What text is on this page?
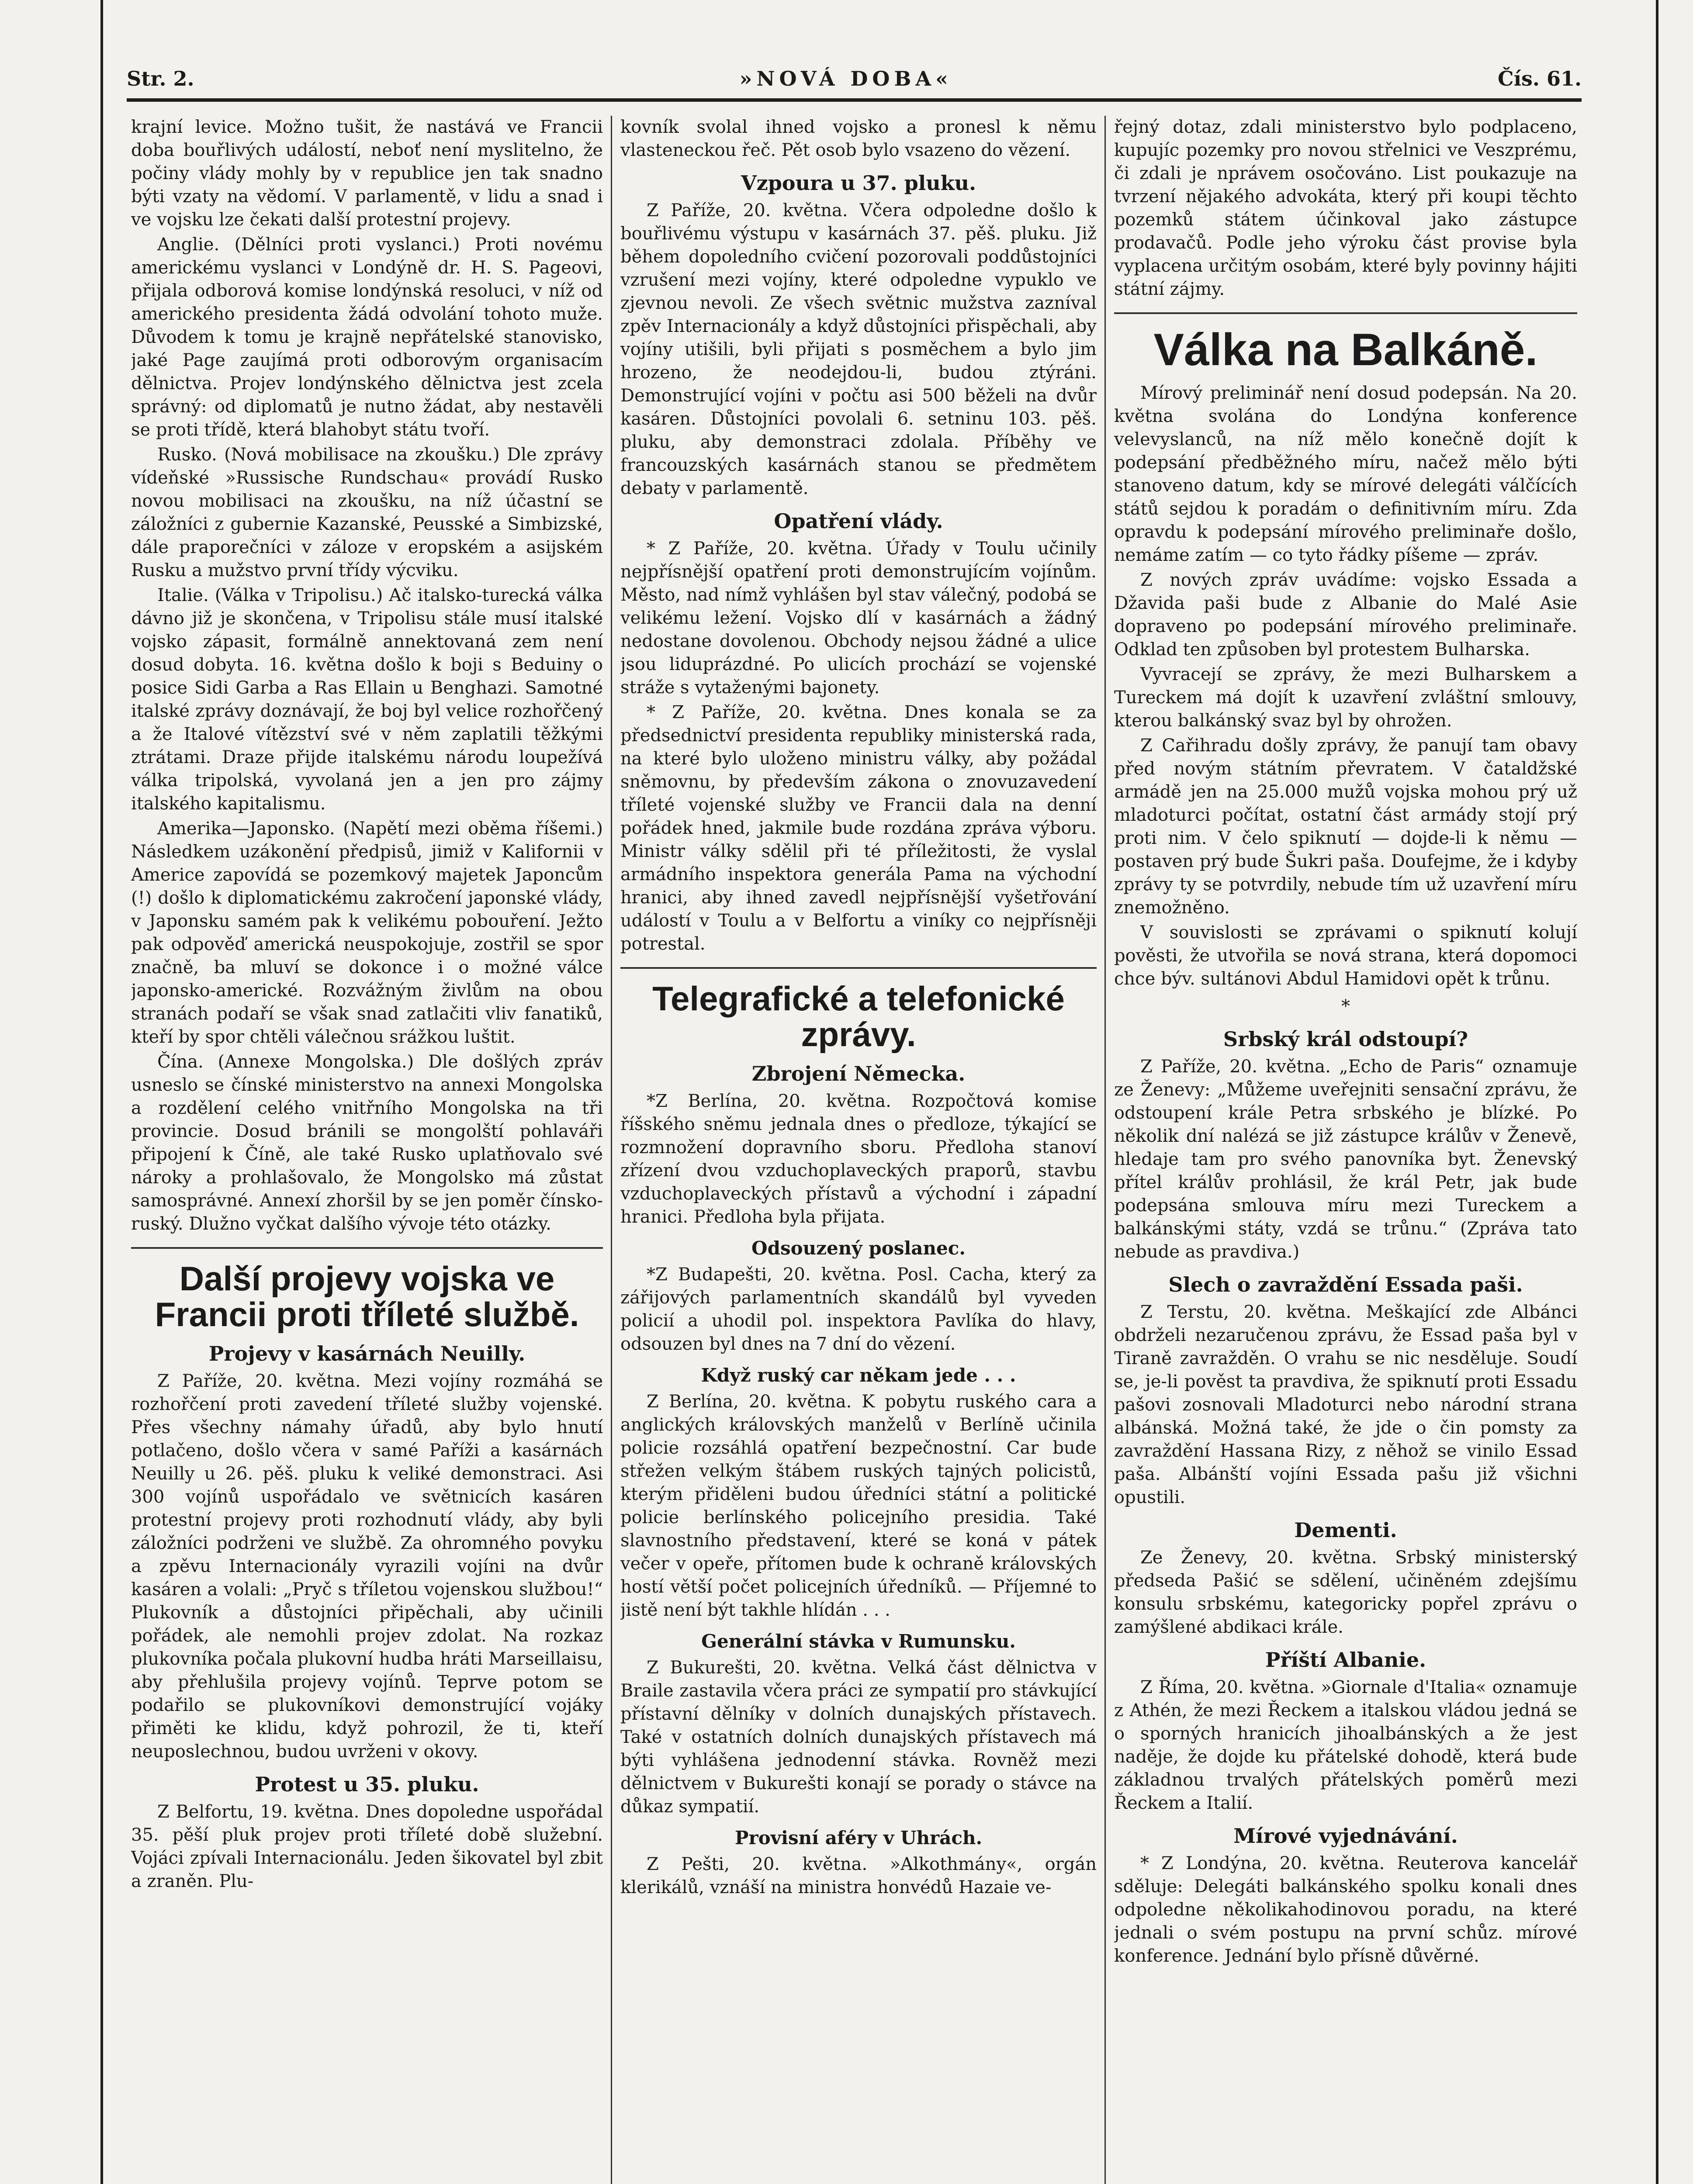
Str. 2.	»NOVÁ DOBA«	Čís. 61.

krajní levice. Možno tušit, že nastává ve Francii doba bouřlivých událostí, neboť není myslitelno, že počiny vlády mohly by v republice jen tak snadno býti vzaty na vědomí. V parlamentě, v lidu a snad i ve vojsku lze čekati další protestní projevy.

Anglie. (Dělníci proti vyslanci.) Proti novému americkému vyslanci v Londýně dr. H. S. Pageovi, přijala odborová komise londýnská resoluci, v níž od amerického presidenta žádá odvolání tohoto muže. Důvodem k tomu je krajně nepřátelské stanovisko, jaké Page zaujímá proti odborovým organisacím dělnictva. Projev londýnského dělnictva jest zcela správný: od diplomatů je nutno žádat, aby nestavěli se proti třídě, která blahobyt státu tvoří.

Rusko. (Nová mobilisace na zkoušku.) Dle zprávy vídeňské »Russische Rundschau« provádí Rusko novou mobilisaci na zkoušku, na níž účastní se záložníci z gubernie Kazanské, Peusské a Simbizské, dále praporečníci v záloze v eropském a asijském Rusku a mužstvo první třídy výcviku.

Italie. (Válka v Tripolisu.) Ač italsko-turecká válka dávno již je skončena, v Tripolisu stále musí italské vojsko zápasit, formálně annektovaná zem není dosud dobyta. 16. května došlo k boji s Beduiny o posice Sidi Garba a Ras Ellain u Benghazi. Samotné italské zprávy doznávají, že boj byl velice rozhořčený a že Italové vítězství své v něm zaplatili těžkými ztrátami. Draze přijde italskému národu loupežívá válka tripolská, vyvolaná jen a jen pro zájmy italského kapitalismu.

Amerika—Japonsko. (Napětí mezi oběma říšemi.) Následkem uzákonění předpisů, jimiž v Kalifornii v Americe zapovídá se pozemkový majetek Japoncům (!) došlo k diplomatickému zakročení japonské vlády, v Japonsku samém pak k velikému pobouření. Ježto pak odpověď americká neuspokojuje, zostřil se spor značně, ba mluví se dokonce i o možné válce japonsko-americké. Rozvážným živlům na obou stranách podaří se však snad zatlačiti vliv fanatiků, kteří by spor chtěli válečnou srážkou luštit.

Čína. (Annexe Mongolska.) Dle došlých zpráv usneslo se čínské ministerstvo na annexi Mongolska a rozdělení celého vnitřního Mongolska na tři provincie. Dosud bránili se mongolští pohlaváři připojení k Číně, ale také Rusko uplatňovalo své nároky a prohlašovalo, že Mongolsko má zůstat samosprávné. Annexí zhoršil by se jen poměr čínsko-ruský. Dlužno vyčkat dalšího vývoje této otázky.

Další projevy vojska ve Francii proti tříleté službě.
Projevy v kasárnách Neuilly.

Z Paříže, 20. května. Mezi vojíny rozmáhá se rozhořčení proti zavedení tříleté služby vojenské. Přes všechny námahy úřadů, aby bylo hnutí potlačeno, došlo včera v samé Paříži a kasárnách Neuilly u 26. pěš. pluku k veliké demonstraci. Asi 300 vojínů uspořádalo ve světnicích kasáren protestní projevy proti rozhodnutí vlády, aby byli záložníci podrženi ve službě. Za ohromného povyku a zpěvu Internacionály vyrazili vojíni na dvůr kasáren a volali: „Pryč s tříletou vojenskou službou!“ Plukovník a důstojníci připěchali, aby učinili pořádek, ale nemohli projev zdolat. Na rozkaz plukovníka počala plukovní hudba hráti Marseillaisu, aby přehlušila projevy vojínů. Teprve potom se podařilo se plukovníkovi demonstrující vojáky přiměti ke klidu, když pohrozil, že ti, kteří neuposlechnou, budou uvrženi v okovy.

Protest u 35. pluku.

Z Belfortu, 19. května. Dnes dopoledne uspořádal 35. pěší pluk projev proti tříleté době služební. Vojáci zpívali Internacionálu. Jeden šikovatel byl zbit a zraněn. Plu-

kovník svolal ihned vojsko a pronesl k němu vlasteneckou řeč. Pět osob bylo vsazeno do vězení.

Vzpoura u 37. pluku.

Z Paříže, 20. května. Včera odpoledne došlo k bouřlivému výstupu v kasárnách 37. pěš. pluku. Již během dopoledního cvičení pozorovali poddůstojníci vzrušení mezi vojíny, které odpoledne vypuklo ve zjevnou nevoli. Ze všech světnic mužstva zazníval zpěv Internacionály a když důstojníci přispěchali, aby vojíny utišili, byli přijati s posměchem a bylo jim hrozeno, že neodejdou-li, budou ztýráni. Demonstrující vojíni v počtu asi 500 běželi na dvůr kasáren. Důstojníci povolali 6. setninu 103. pěš. pluku, aby demonstraci zdolala. Příběhy ve francouzských kasárnách stanou se předmětem debaty v parlamentě.

Opatření vlády.

* Z Paříže, 20. května. Úřady v Toulu učinily nejpřísnější opatření proti demonstrujícím vojínům. Město, nad nímž vyhlášen byl stav válečný, podobá se velikému ležení. Vojsko dlí v kasárnách a žádný nedostane dovolenou. Obchody nejsou žádné a ulice jsou liduprázdné. Po ulicích prochází se vojenské stráže s vytaženými bajonety.

* Z Paříže, 20. května. Dnes konala se za předsednictví presidenta republiky ministerská rada, na které bylo uloženo ministru války, aby požádal sněmovnu, by především zákona o znovuzavedení tříleté vojenské služby ve Francii dala na denní pořádek hned, jakmile bude rozdána zpráva výboru. Ministr války sdělil při té příležitosti, že vyslal armádního inspektora generála Pama na východní hranici, aby ihned zavedl nejpřísnější vyšetřování událostí v Toulu a v Belfortu a viníky co nejpřísněji potrestal.

Telegrafické a telefonické zprávy.
Zbrojení Německa.

*Z Berlína, 20. května. Rozpočtová komise říšského sněmu jednala dnes o předloze, týkající se rozmnožení dopravního sboru. Předloha stanoví zřízení dvou vzduchoplaveckých praporů, stavbu vzduchoplaveckých přístavů a východní i západní hranici. Předloha byla přijata.

Odsouzený poslanec.

*Z Budapešti, 20. května. Posl. Cacha, který za zářijových parlamentních skandálů byl vyveden policií a uhodil pol. inspektora Pavlíka do hlavy, odsouzen byl dnes na 7 dní do vězení.

Když ruský car někam jede . . .

Z Berlína, 20. května. K pobytu ruského cara a anglických královských manželů v Berlíně učinila policie rozsáhlá opatření bezpečnostní. Car bude střežen velkým štábem ruských tajných policistů, kterým přiděleni budou úředníci státní a politické policie berlínského policejního presidia. Také slavnostního představení, které se koná v pátek večer v opeře, přítomen bude k ochraně královských hostí větší počet policejních úředníků. — Příjemné to jistě není být takhle hlídán . . .

Generální stávka v Rumunsku.

Z Bukurešti, 20. května. Velká část dělnictva v Braile zastavila včera práci ze sympatií pro stávkující přístavní dělníky v dolních dunajských přístavech. Také v ostatních dolních dunajských přístavech má býti vyhlášena jednodenní stávka. Rovněž mezi dělnictvem v Bukurešti konají se porady o stávce na důkaz sympatií.

Provisní aféry v Uhrách.

Z Pešti, 20. května. »Alkothmány«, orgán klerikálů, vznáší na ministra honvédů Hazaie ve-

řejný dotaz, zdali ministerstvo bylo podplaceno, kupujíc pozemky pro novou střelnici ve Veszprému, či zdali je nprávem osočováno. List poukazuje na tvrzení nějakého advokáta, který při koupi těchto pozemků státem účinkoval jako zástupce prodavačů. Podle jeho výroku část provise byla vyplacena určitým osobám, které byly povinny hájiti státní zájmy.

Válka na Balkáně.

Mírový preliminář není dosud podepsán. Na 20. května svolána do Londýna konference velevyslanců, na níž mělo konečně dojít k podepsání předběžného míru, načež mělo býti stanoveno datum, kdy se mírové delegáti válčících států sejdou k poradám o definitivním míru. Zda opravdu k podepsání mírového preliminaře došlo, nemáme zatím — co tyto řádky píšeme — zpráv.

Z nových zpráv uvádíme: vojsko Essada a Džavida paši bude z Albanie do Malé Asie dopraveno po podepsání mírového preliminaře. Odklad ten způsoben byl protestem Bulharska.

Vyvracejí se zprávy, že mezi Bulharskem a Tureckem má dojít k uzavření zvláštní smlouvy, kterou balkánský svaz byl by ohrožen.

Z Cařihradu došly zprávy, že panují tam obavy před novým státním převratem. V čataldžské armádě jen na 25.000 mužů vojska mohou prý už mladoturci počítat, ostatní část armády stojí prý proti nim. V čelo spiknutí — dojde-li k němu — postaven prý bude Šukri paša. Doufejme, že i kdyby zprávy ty se potvrdily, nebude tím už uzavření míru znemožněno.

V souvislosti se zprávami o spiknutí kolují pověsti, že utvořila se nová strana, která dopomoci chce býv. sultánovi Abdul Hamidovi opět k trůnu.

*
Srbský král odstoupí?

Z Paříže, 20. května. „Echo de Paris“ oznamuje ze Ženevy: „Můžeme uveřejniti sensační zprávu, že odstoupení krále Petra srbského je blízké. Po několik dní nalézá se již zástupce králův v Ženevě, hledaje tam pro svého panovníka byt. Ženevský přítel králův prohlásil, že král Petr, jak bude podepsána smlouva míru mezi Tureckem a balkánskými státy, vzdá se trůnu.“ (Zpráva tato nebude as pravdiva.)

Slech o zavraždění Essada paši.

Z Terstu, 20. května. Meškající zde Albánci obdrželi nezaručenou zprávu, že Essad paša byl v Tiraně zavražděn. O vrahu se nic nesděluje. Soudí se, je-li pověst ta pravdiva, že spiknutí proti Essadu pašovi zosnovali Mladoturci nebo národní strana albánská. Možná také, že jde o čin pomsty za zavraždění Hassana Rizy, z něhož se vinilo Essad paša. Albánští vojíni Essada pašu již všichni opustili.

Dementi.

Ze Ženevy, 20. května. Srbský ministerský předseda Pašić se sdělení, učiněném zdejšímu konsulu srbskému, kategoricky popřel zprávu o zamýšlené abdikaci krále.

Příští Albanie.

Z Říma, 20. května. »Giornale d'Italia« oznamuje z Athén, že mezi Řeckem a italskou vládou jedná se o sporných hranicích jihoalbánských a že jest naděje, že dojde ku přátelské dohodě, která bude základnou trvalých přátelských poměrů mezi Řeckem a Italií.

Mírové vyjednávání.

* Z Londýna, 20. května. Reuterova kancelář sděluje: Delegáti balkánského spolku konali dnes odpoledne několikahodinovou poradu, na které jednali o svém postupu na první schůz. mírové konference. Jednání bylo přísně důvěrné.
